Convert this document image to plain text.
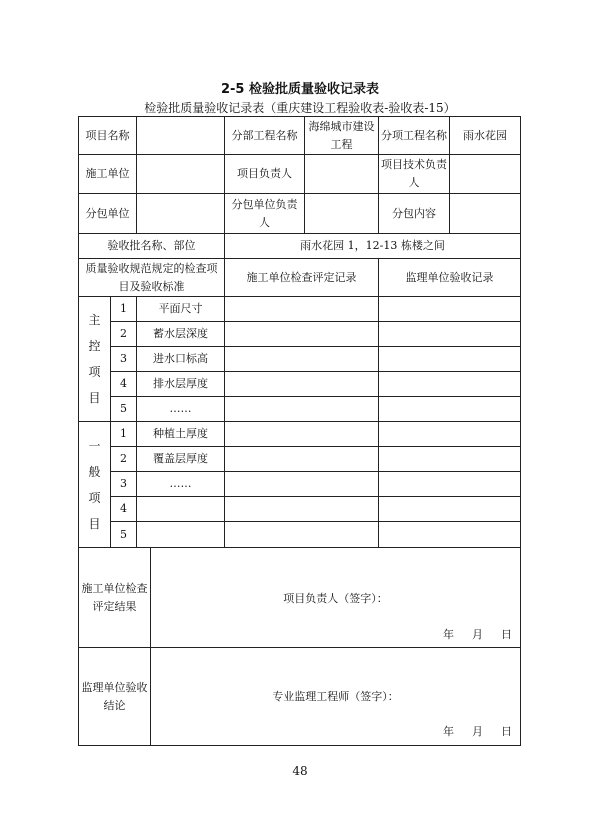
2-5 检验批质量验收记录表
检验批质量验收记录表（重庆建设工程验收表-验收表-15）
项目名称				分部工程名称	海绵城市建设工程	分项工程名称	雨水花园
施工单位				项目负责人		项目技术负责人	
分包单位				分包单位负责人		分包内容	
验收批名称、部位				雨水花园 1，12-13 栋楼之间			
质量验收规范规定的检查项目及验收标准				施工单位检查评定记录		监理单位验收记录	

主控项目	1	平面尺寸					
	2	蓄水层深度					
	3	进水口标高					
	4	排水层厚度					
	5	……					

一般项目	1	种植土厚度					
	2	覆盖层厚度					
	3	……					
	4						
	5						
施工单位检查评定结果			项目负责人（签字）：
年 月 日				

监理单位验收结论			专业监理工程师（签字）：
年 月 日				
48
